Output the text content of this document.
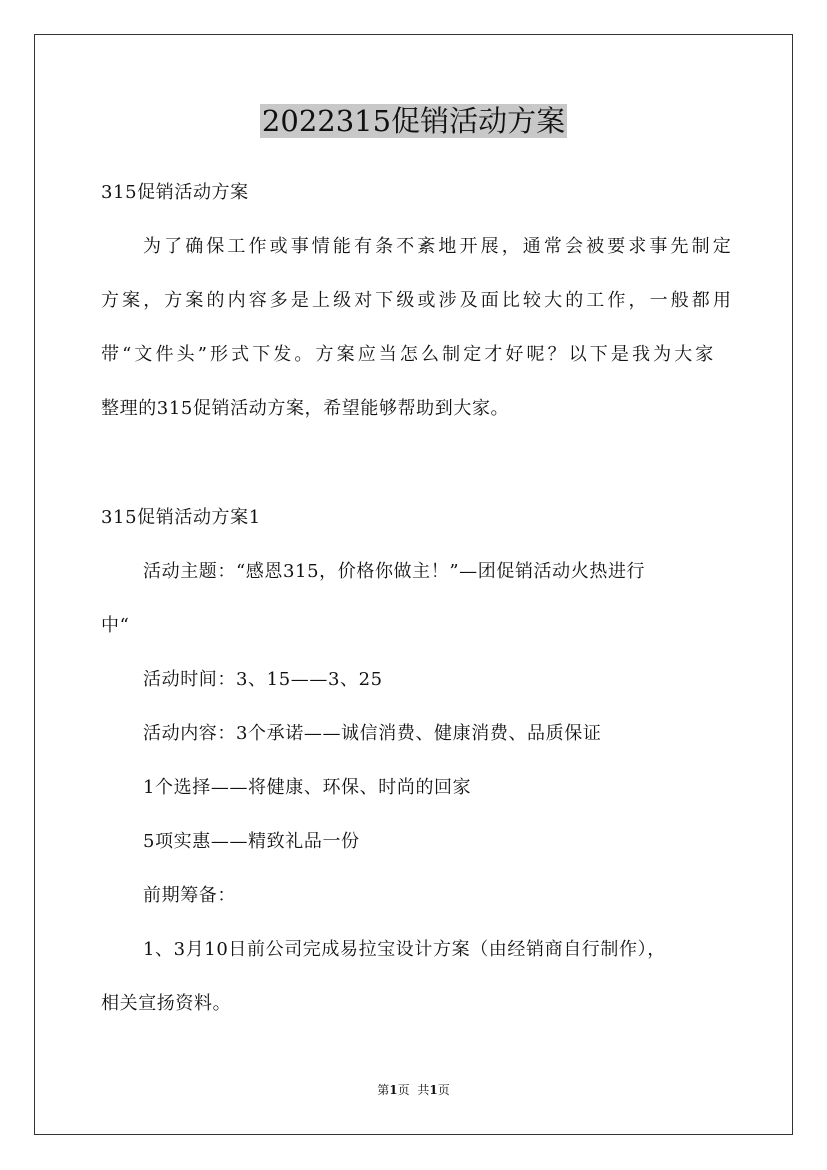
2022315促销活动方案
315促销活动方案
为了确保工作或事情能有条不紊地开展，通常会被要求事先制定
方案，方案的内容多是上级对下级或涉及面比较大的工作，一般都用
带“文件头”形式下发。方案应当怎么制定才好呢？以下是我为大家
整理的315促销活动方案，希望能够帮助到大家。
315促销活动方案1
活动主题：“感恩315，价格你做主！”—团促销活动火热进行
中“
活动时间：3、15——3、25
活动内容：3个承诺——诚信消费、健康消费、品质保证
1个选择——将健康、环保、时尚的回家
5项实惠——精致礼品一份
前期筹备：
1、3月10日前公司完成易拉宝设计方案（由经销商自行制作），
相关宣扬资料。
第1页 共1页
